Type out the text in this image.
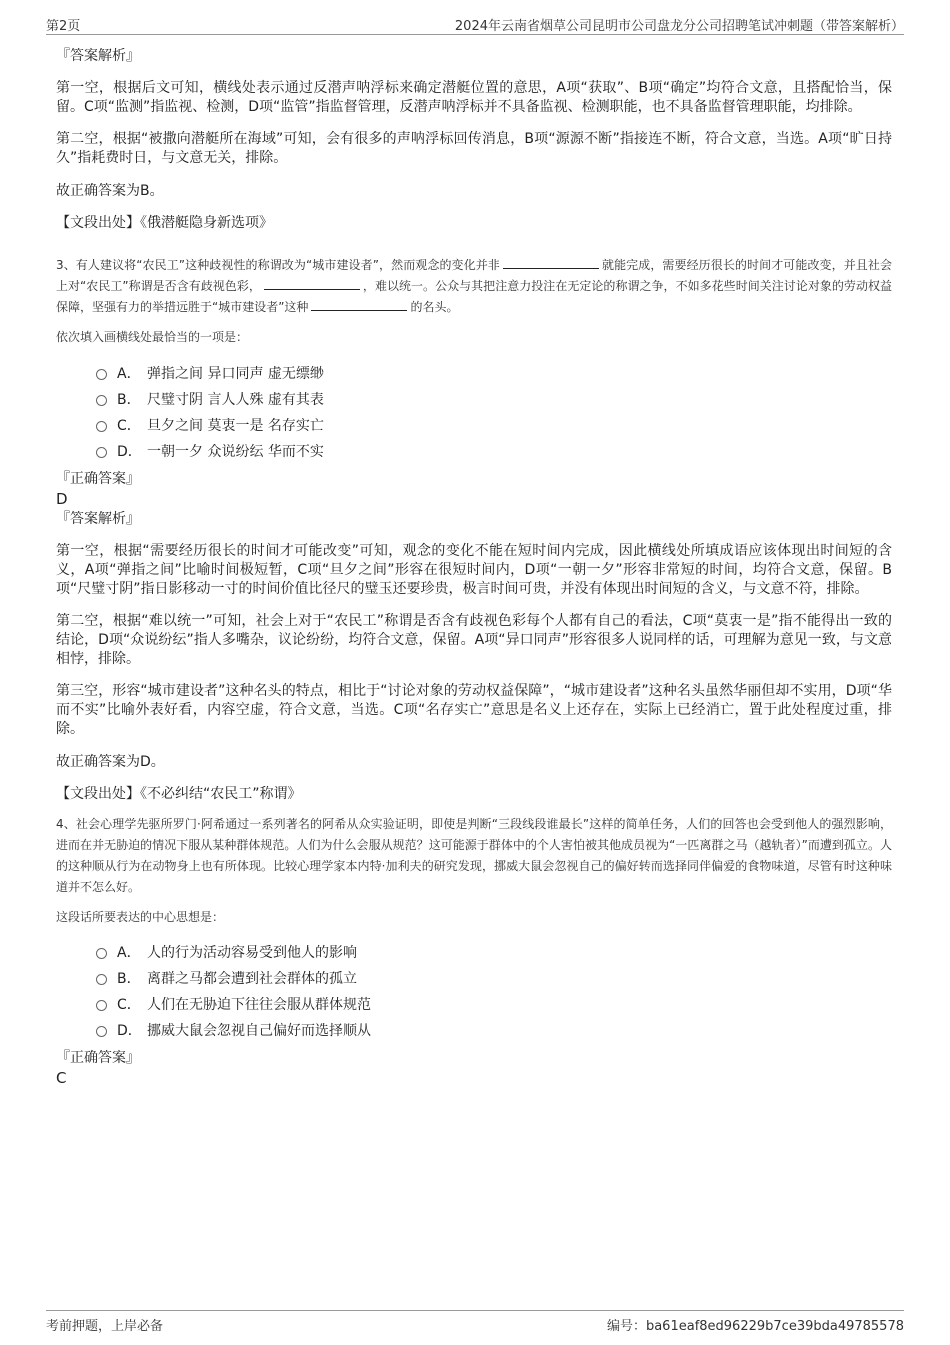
第2页	2024年云南省烟草公司昆明市公司盘龙分公司招聘笔试冲刺题（带答案解析）

『答案解析』

第一空，根据后文可知，横线处表示通过反潜声呐浮标来确定潜艇位置的意思，A项“获取”、B项“确定”均符合文意，且搭配恰当，保留。C项“监测”指监视、检测，D项“监管”指监督管理，反潜声呐浮标并不具备监视、检测职能，也不具备监督管理职能，均排除。

第二空，根据“被撒向潜艇所在海域”可知，会有很多的声呐浮标回传消息，B项“源源不断”指接连不断，符合文意，当选。A项“旷日持久”指耗费时日，与文意无关，排除。

故正确答案为B。

【文段出处】《俄潜艇隐身新选项》

3、有人建议将“农民工”这种歧视性的称谓改为“城市建设者”，然而观念的变化并非	就能完成，需要经历很长的时间才可能改变，并且社会上对“农民工”称谓是否含有歧视色彩，	，难以统一。公众与其把注意力投注在无定论的称谓之争，不如多花些时间关注讨论对象的劳动权益保障，坚强有力的举措远胜于“城市建设者”这种	的名头。

依次填入画横线处最恰当的一项是：

A． 弹指之间 异口同声 虚无缥缈
B． 尺璧寸阴 言人人殊 虚有其表
C． 旦夕之间 莫衷一是 名存实亡
D． 一朝一夕 众说纷纭 华而不实

『正确答案』

D

『答案解析』

第一空，根据“需要经历很长的时间才可能改变”可知，观念的变化不能在短时间内完成，因此横线处所填成语应该体现出时间短的含义，A项“弹指之间”比喻时间极短暂，C项“旦夕之间”形容在很短时间内，D项“一朝一夕”形容非常短的时间，均符合文意，保留。B项“尺璧寸阴”指日影移动一寸的时间价值比径尺的璧玉还要珍贵，极言时间可贵，并没有体现出时间短的含义，与文意不符，排除。

第二空，根据“难以统一”可知，社会上对于“农民工”称谓是否含有歧视色彩每个人都有自己的看法，C项“莫衷一是”指不能得出一致的结论，D项“众说纷纭”指人多嘴杂，议论纷纷，均符合文意，保留。A项“异口同声”形容很多人说同样的话，可理解为意见一致，与文意相悖，排除。

第三空，形容“城市建设者”这种名头的特点，相比于“讨论对象的劳动权益保障”，“城市建设者”这种名头虽然华丽但却不实用，D项“华而不实”比喻外表好看，内容空虚，符合文意，当选。C项“名存实亡”意思是名义上还存在，实际上已经消亡，置于此处程度过重，排除。

故正确答案为D。

【文段出处】《不必纠结“农民工”称谓》

4、社会心理学先驱所罗门·阿希通过一系列著名的阿希从众实验证明，即使是判断“三段线段谁最长”这样的简单任务，人们的回答也会受到他人的强烈影响，进而在并无胁迫的情况下服从某种群体规范。人们为什么会服从规范？这可能源于群体中的个人害怕被其他成员视为“一匹离群之马（越轨者）”而遭到孤立。人的这种顺从行为在动物身上也有所体现。比较心理学家本内特·加利夫的研究发现，挪威大鼠会忽视自己的偏好转而选择同伴偏爱的食物味道，尽管有时这种味道并不怎么好。

这段话所要表达的中心思想是：

A． 人的行为活动容易受到他人的影响
B． 离群之马都会遭到社会群体的孤立
C． 人们在无胁迫下往往会服从群体规范
D． 挪威大鼠会忽视自己偏好而选择顺从

『正确答案』

C

考前押题，上岸必备	编号：ba61eaf8ed96229b7ce39bda49785578
